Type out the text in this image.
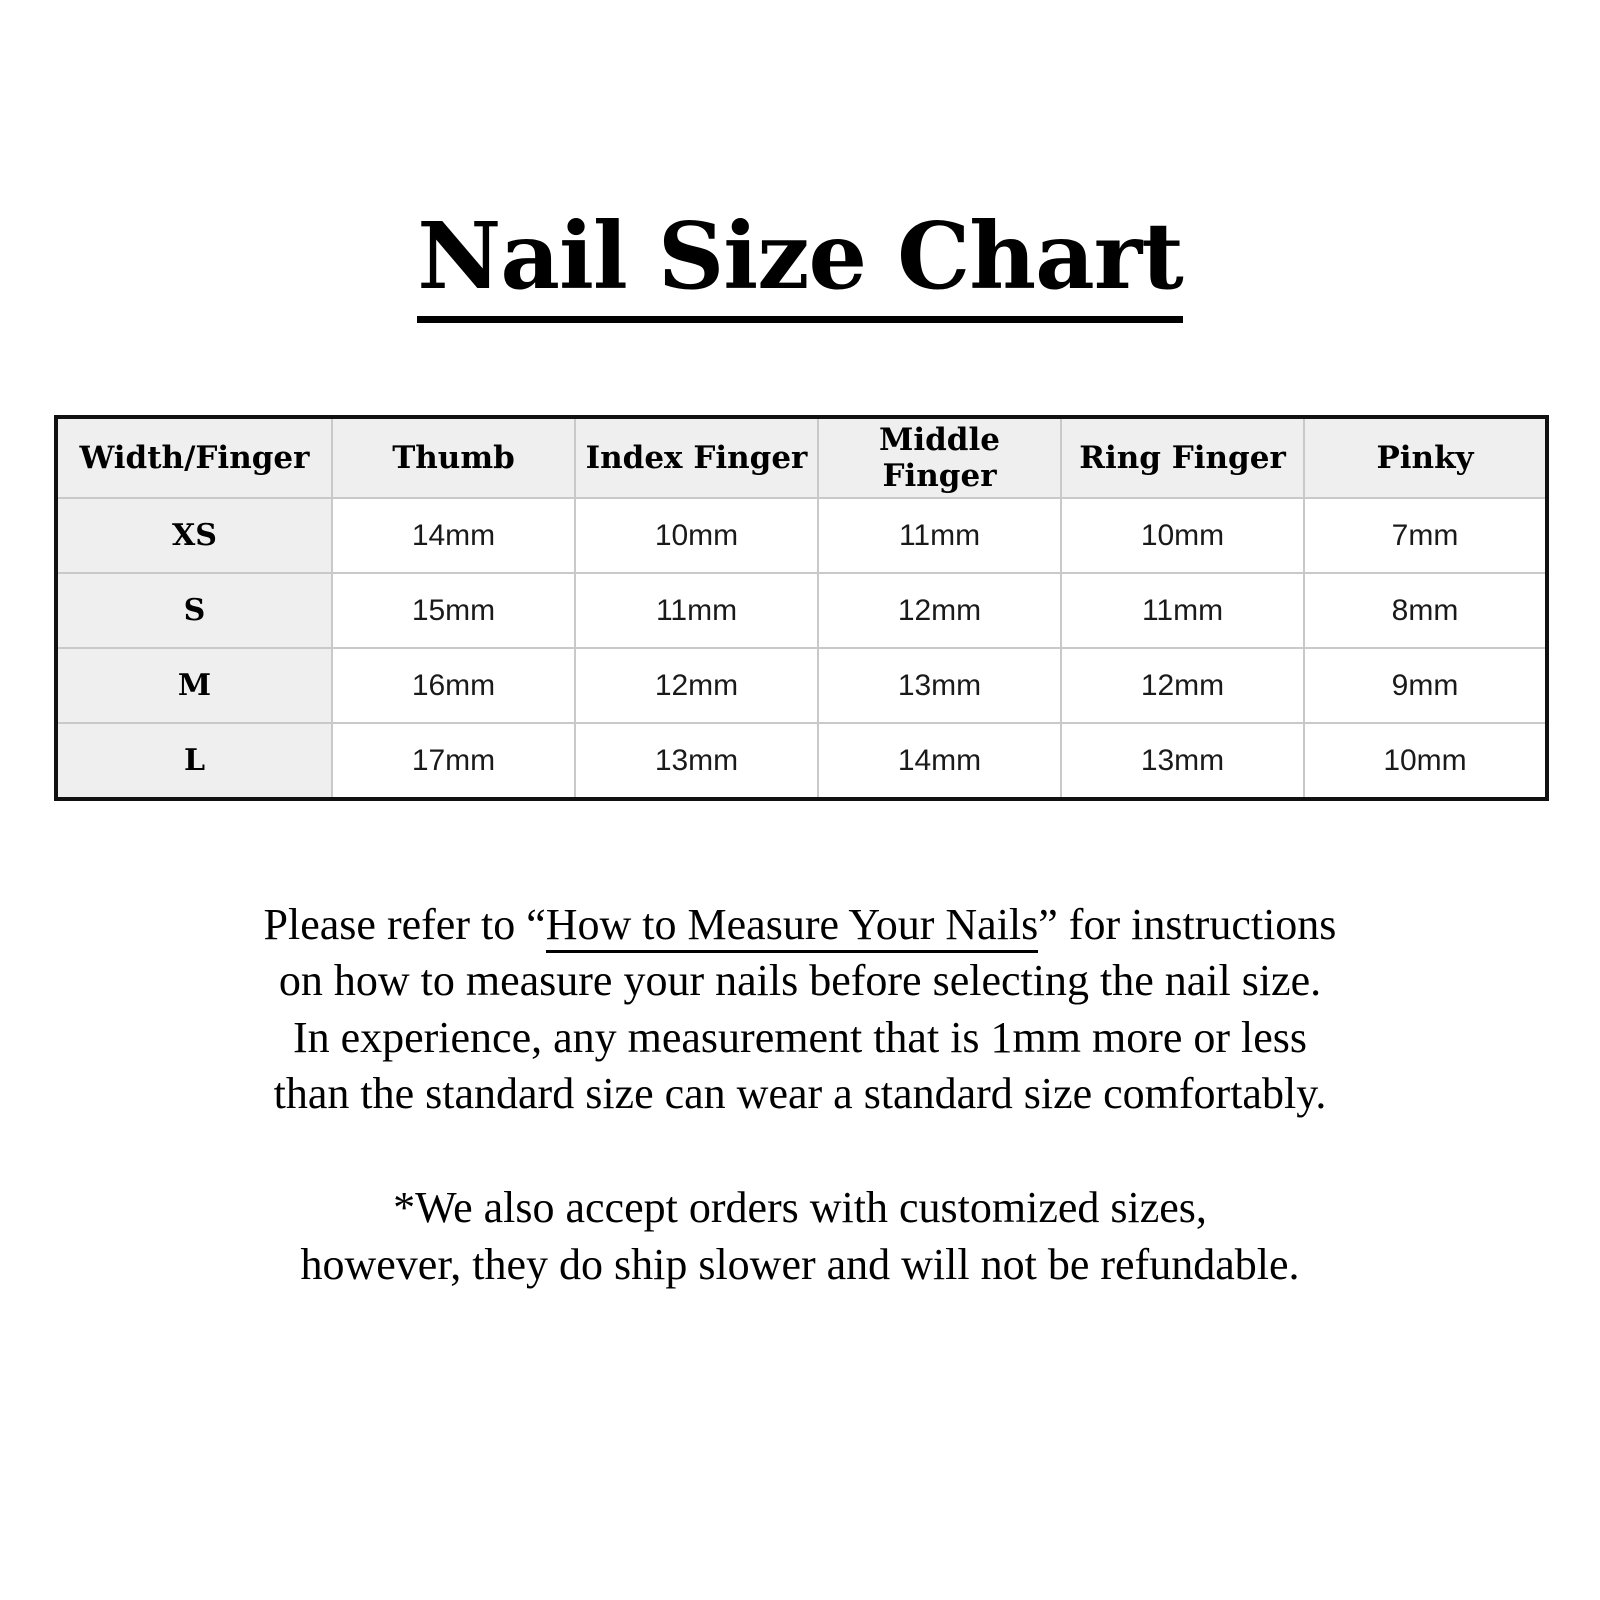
Nail Size Chart
Width/Finger	Thumb	Index Finger	Middle Finger	Ring Finger	Pinky
XS	14mm	10mm	11mm	10mm	7mm
S	15mm	11mm	12mm	11mm	8mm
M	16mm	12mm	13mm	12mm	9mm
L	17mm	13mm	14mm	13mm	10mm

Please refer to “How to Measure Your Nails” for instructions

on how to measure your nails before selecting the nail size.

In experience, any measurement that is 1mm more or less

than the standard size can wear a standard size comfortably.

*We also accept orders with customized sizes,

however, they do ship slower and will not be refundable.
